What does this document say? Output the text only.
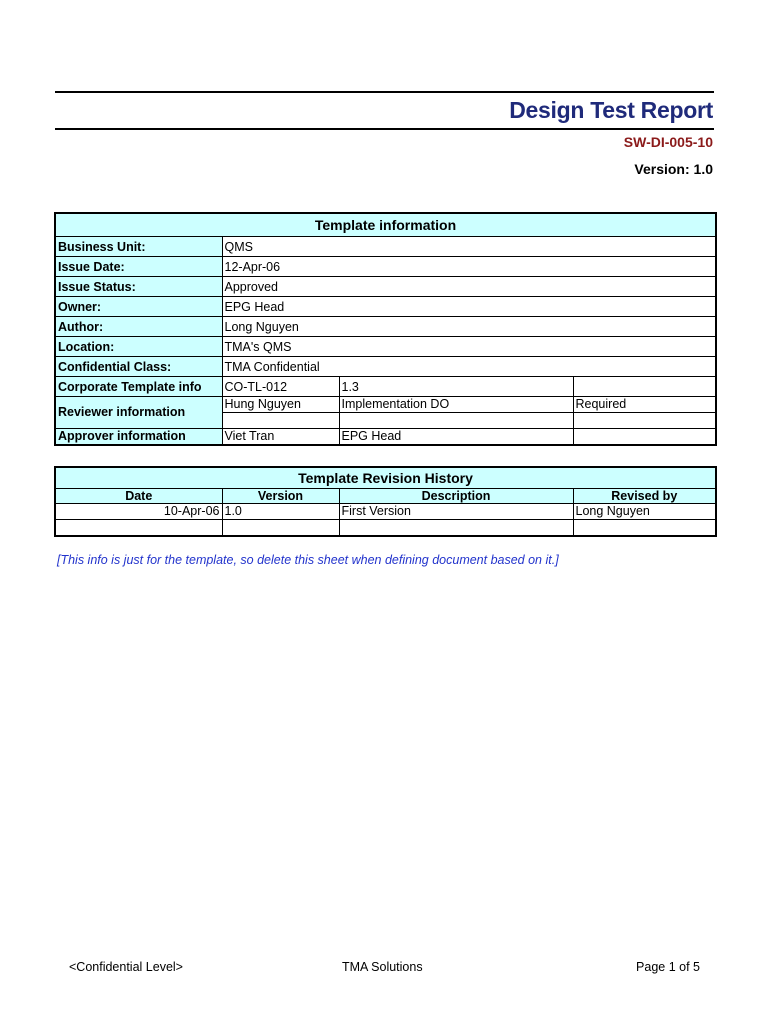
Design Test Report
SW-DI-005-10
Version: 1.0
Template information			
Business Unit:	QMS		
Issue Date:	12-Apr-06		
Issue Status:	Approved		
Owner:	EPG Head		
Author:	Long Nguyen		
Location:	TMA's QMS		
Confidential Class:	TMA Confidential		
Corporate Template info	CO-TL-012	1.3	
Reviewer information	Hung Nguyen	Implementation DO	Required

Approver information	Viet Tran	EPG Head	
Template Revision History			
Date	Version	Description	Revised by
10-Apr-06	1.0	First Version	Long Nguyen

[This info is just for the template, so delete this sheet when defining document based on it.]
<Confidential Level>	TMA Solutions	Page 1 of 5
